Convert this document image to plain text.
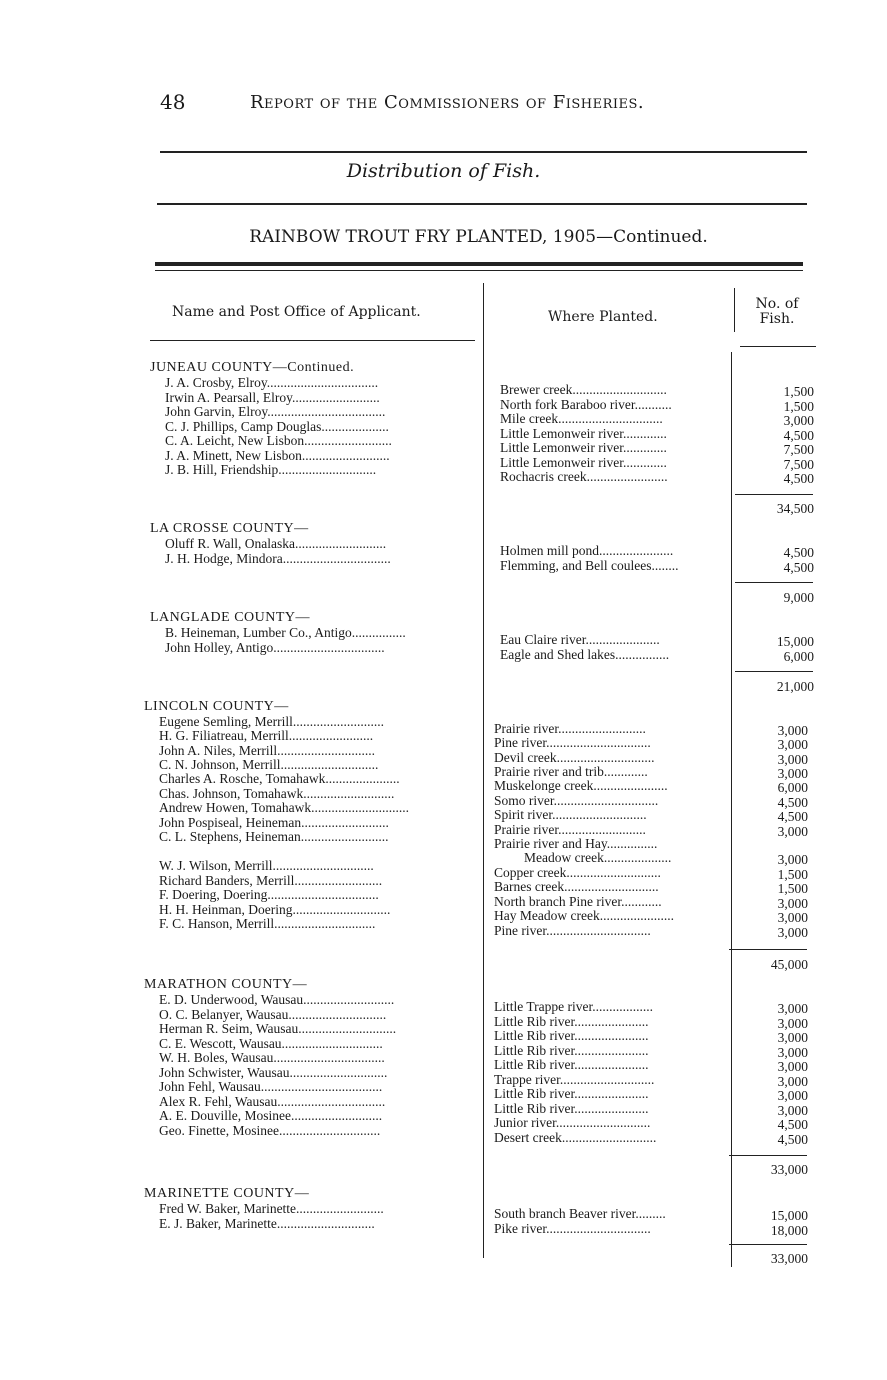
48	Report of the Commissioners of Fisheries.
Distribution of Fish.
RAINBOW TROUT FRY PLANTED, 1905—Continued.
Name and Post Office of Applicant.	Where Planted.
No. of Fish.
JUNEAU COUNTY—Continued.
J. A. Crosby, Elroy.................................	Brewer creek............................	1,500
Irwin A. Pearsall, Elroy..........................	North fork Baraboo river...........	1,500
John Garvin, Elroy...................................	Mile creek...............................	3,000
C. J. Phillips, Camp Douglas....................	Little Lemonweir river.............	4,500
C. A. Leicht, New Lisbon..........................	Little Lemonweir river.............	7,500
J. A. Minett, New Lisbon..........................	Little Lemonweir river.............	7,500
J. B. Hill, Friendship.............................	Rochacris creek........................	4,500
34,500
LA CROSSE COUNTY—
Oluff R. Wall, Onalaska...........................	Holmen mill pond......................	4,500
J. H. Hodge, Mindora................................	Flemming, and Bell coulees........	4,500
9,000
LANGLADE COUNTY—
B. Heineman, Lumber Co., Antigo................	Eau Claire river......................	15,000
John Holley, Antigo.................................	Eagle and Shed lakes................	6,000
21,000
LINCOLN COUNTY—
Eugene Semling, Merrill...........................	Prairie river..........................	3,000
H. G. Filiatreau, Merrill.........................	Pine river...............................	3,000
John A. Niles, Merrill.............................	Devil creek.............................	3,000
C. N. Johnson, Merrill.............................	Prairie river and trib.............	3,000
Charles A. Rosche, Tomahawk......................	Muskelonge creek......................	6,000
Chas. Johnson, Tomahawk...........................	Somo river...............................	4,500
Andrew Howen, Tomahawk.............................	Spirit river............................	4,500
John Pospiseal, Heineman..........................	Prairie river..........................	3,000
C. L. Stephens, Heineman..........................	Prairie river and Hay...............
Meadow creek....................	3,000
W. J. Wilson, Merrill..............................	Copper creek............................	1,500
Richard Banders, Merrill..........................	Barnes creek............................	1,500
F. Doering, Doering.................................	North branch Pine river............	3,000
H. H. Heinman, Doering.............................	Hay Meadow creek......................	3,000
F. C. Hanson, Merrill..............................	Pine river...............................	3,000
45,000
MARATHON COUNTY—
E. D. Underwood, Wausau...........................	Little Trappe river..................	3,000
O. C. Belanyer, Wausau.............................	Little Rib river......................	3,000
Herman R. Seim, Wausau.............................	Little Rib river......................	3,000
C. E. Wescott, Wausau..............................	Little Rib river......................	3,000
W. H. Boles, Wausau.................................	Little Rib river......................	3,000
John Schwister, Wausau.............................	Trappe river............................	3,000
John Fehl, Wausau....................................	Little Rib river......................	3,000
Alex R. Fehl, Wausau................................	Little Rib river......................	3,000
A. E. Douville, Mosinee...........................	Junior river............................	4,500
Geo. Finette, Mosinee..............................	Desert creek............................	4,500
33,000
MARINETTE COUNTY—
Fred W. Baker, Marinette..........................	South branch Beaver river.........	15,000
E. J. Baker, Marinette.............................	Pike river...............................	18,000
33,000
